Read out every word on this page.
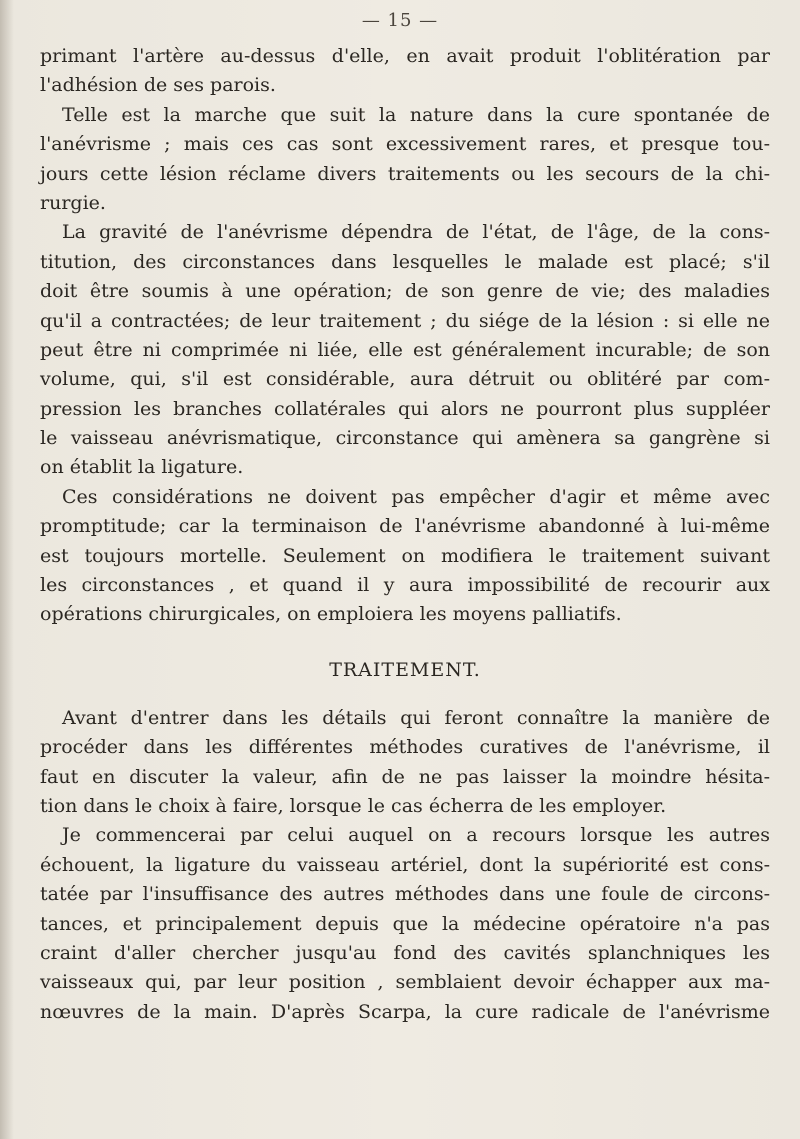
— 15 —
primant l'artère au-dessus d'elle, en avait produit l'oblitération par
l'adhésion de ses parois.
Telle est la marche que suit la nature dans la cure spontanée de
l'anévrisme ; mais ces cas sont excessivement rares, et presque tou-
jours cette lésion réclame divers traitements ou les secours de la chi-
rurgie.
La gravité de l'anévrisme dépendra de l'état, de l'âge, de la cons-
titution, des circonstances dans lesquelles le malade est placé; s'il
doit être soumis à une opération; de son genre de vie; des maladies
qu'il a contractées; de leur traitement ; du siége de la lésion : si elle ne
peut être ni comprimée ni liée, elle est généralement incurable; de son
volume, qui, s'il est considérable, aura détruit ou oblitéré par com-
pression les branches collatérales qui alors ne pourront plus suppléer
le vaisseau anévrismatique, circonstance qui amènera sa gangrène si
on établit la ligature.
Ces considérations ne doivent pas empêcher d'agir et même avec
promptitude; car la terminaison de l'anévrisme abandonné à lui-même
est toujours mortelle. Seulement on modifiera le traitement suivant
les circonstances , et quand il y aura impossibilité de recourir aux
opérations chirurgicales, on emploiera les moyens palliatifs.
TRAITEMENT.
Avant d'entrer dans les détails qui feront connaître la manière de
procéder dans les différentes méthodes curatives de l'anévrisme, il
faut en discuter la valeur, afin de ne pas laisser la moindre hésita-
tion dans le choix à faire, lorsque le cas écherra de les employer.
Je commencerai par celui auquel on a recours lorsque les autres
échouent, la ligature du vaisseau artériel, dont la supériorité est cons-
tatée par l'insuffisance des autres méthodes dans une foule de circons-
tances, et principalement depuis que la médecine opératoire n'a pas
craint d'aller chercher jusqu'au fond des cavités splanchniques les
vaisseaux qui, par leur position , semblaient devoir échapper aux ma-
nœuvres de la main. D'après Scarpa, la cure radicale de l'anévrisme
